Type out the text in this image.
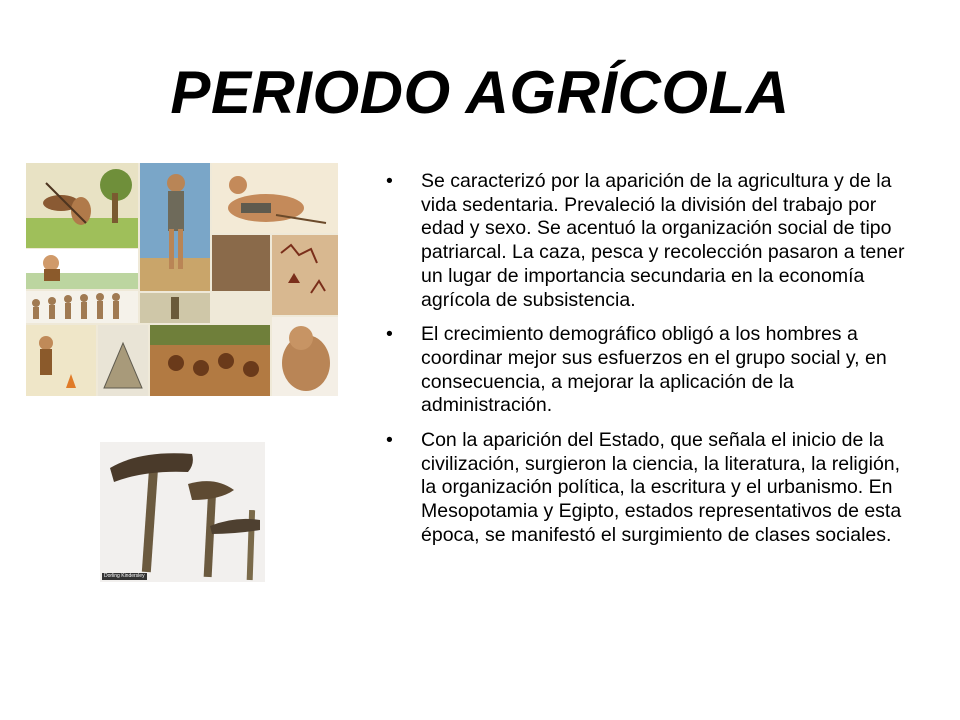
PERIODO AGRÍCOLA
Dorling Kindersley
•	Se caracterizó por la aparición de la agricultura y de la vida sedentaria. Prevaleció la división del trabajo por edad y sexo. Se acentuó la organización social de tipo patriarcal. La caza, pesca y recolección pasaron a tener un lugar de importancia secundaria en la economía agrícola de subsistencia.
•	El crecimiento demográfico obligó a los hombres a coordinar mejor sus esfuerzos en el grupo social y, en consecuencia, a mejorar la aplicación de la administración.
•	Con la aparición del Estado, que señala el inicio de la civilización, surgieron la ciencia, la literatura, la religión, la organización política, la escritura y el urbanismo. En Mesopotamia y Egipto, estados representativos de esta época, se manifestó el surgimiento de clases sociales.
